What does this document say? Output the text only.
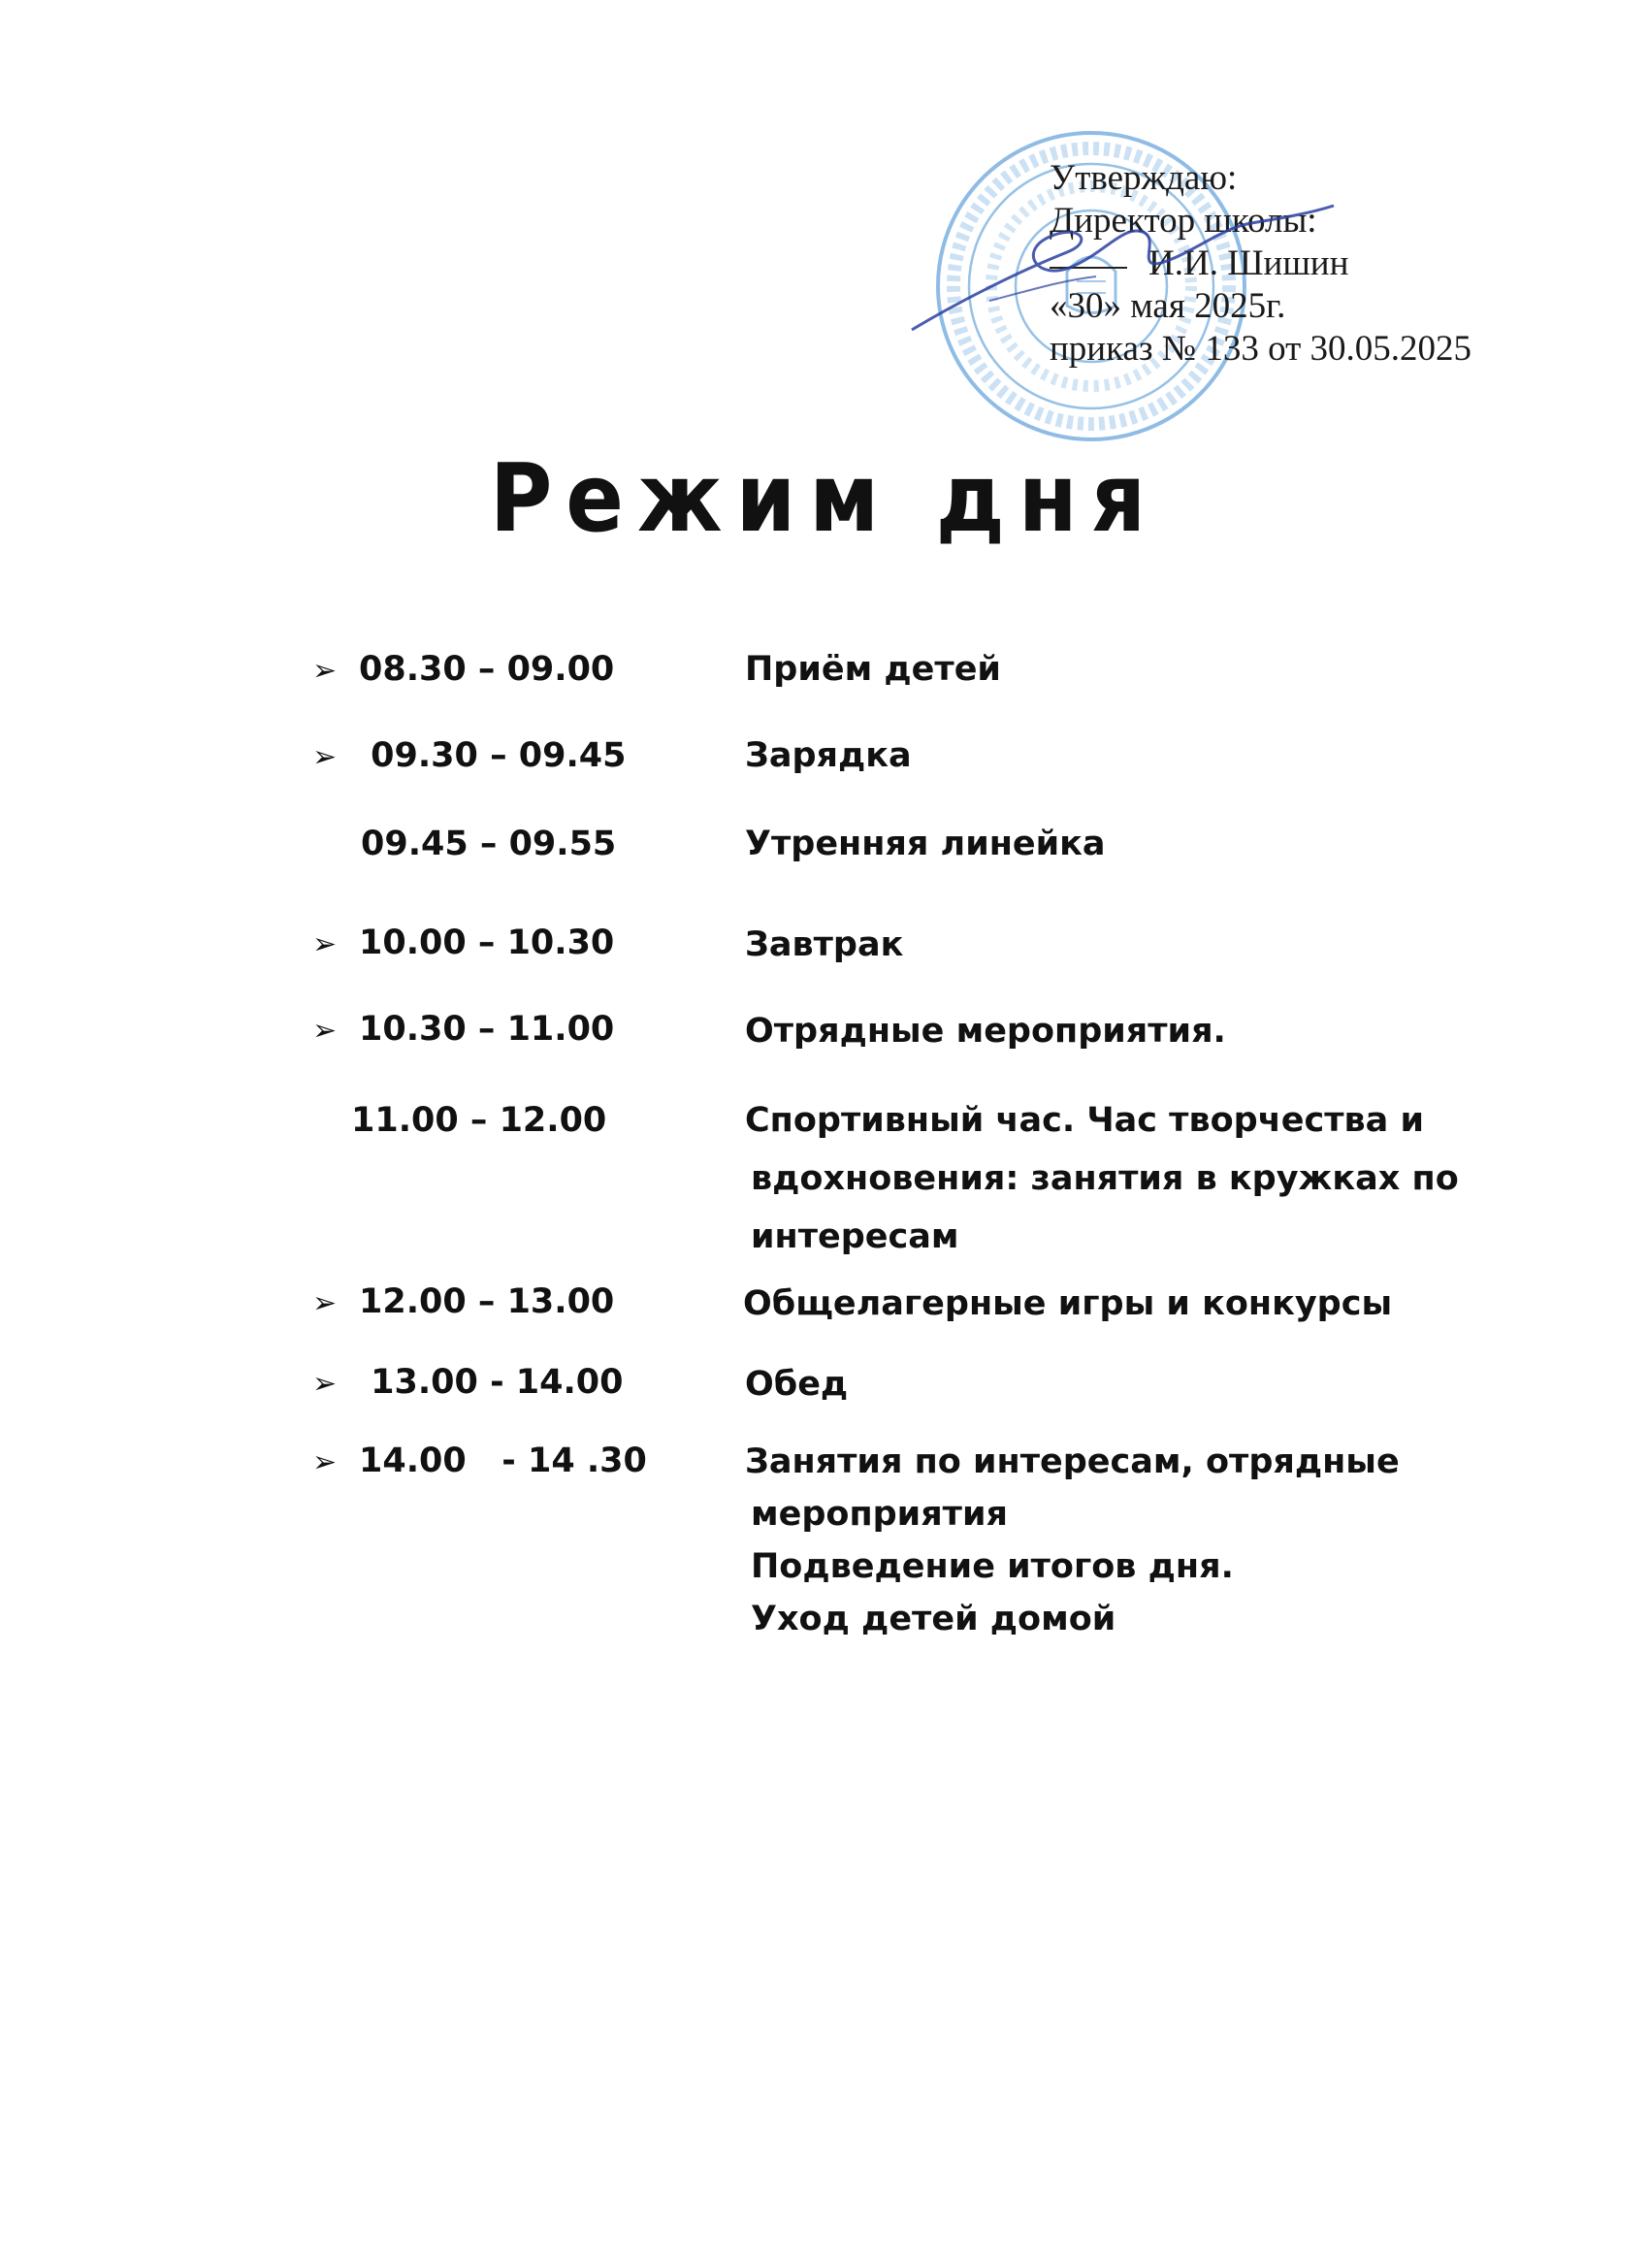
Утверждаю:
Директор школы:
И.И. Шишин
«30» мая 2025г.
приказ № 133 от 30.05.2025
Режим дня
➢ 08.30 – 09.00	Приём детей
➢ 09.30 – 09.45	Зарядка
09.45 – 09.55	Утренняя линейка
➢ 10.00 – 10.30	Завтрак
➢ 10.30 – 11.00	Отрядные мероприятия.
11.00 – 12.00	Спортивный час. Час творчества и
вдохновения: занятия в кружках по
интересам
➢ 12.00 – 13.00	Общелагерные игры и конкурсы
➢ 13.00 - 14.00	Обед
➢ 14.00   - 14 .30	Занятия по интересам, отрядные
мероприятия
Подведение итогов дня.
Уход детей домой
